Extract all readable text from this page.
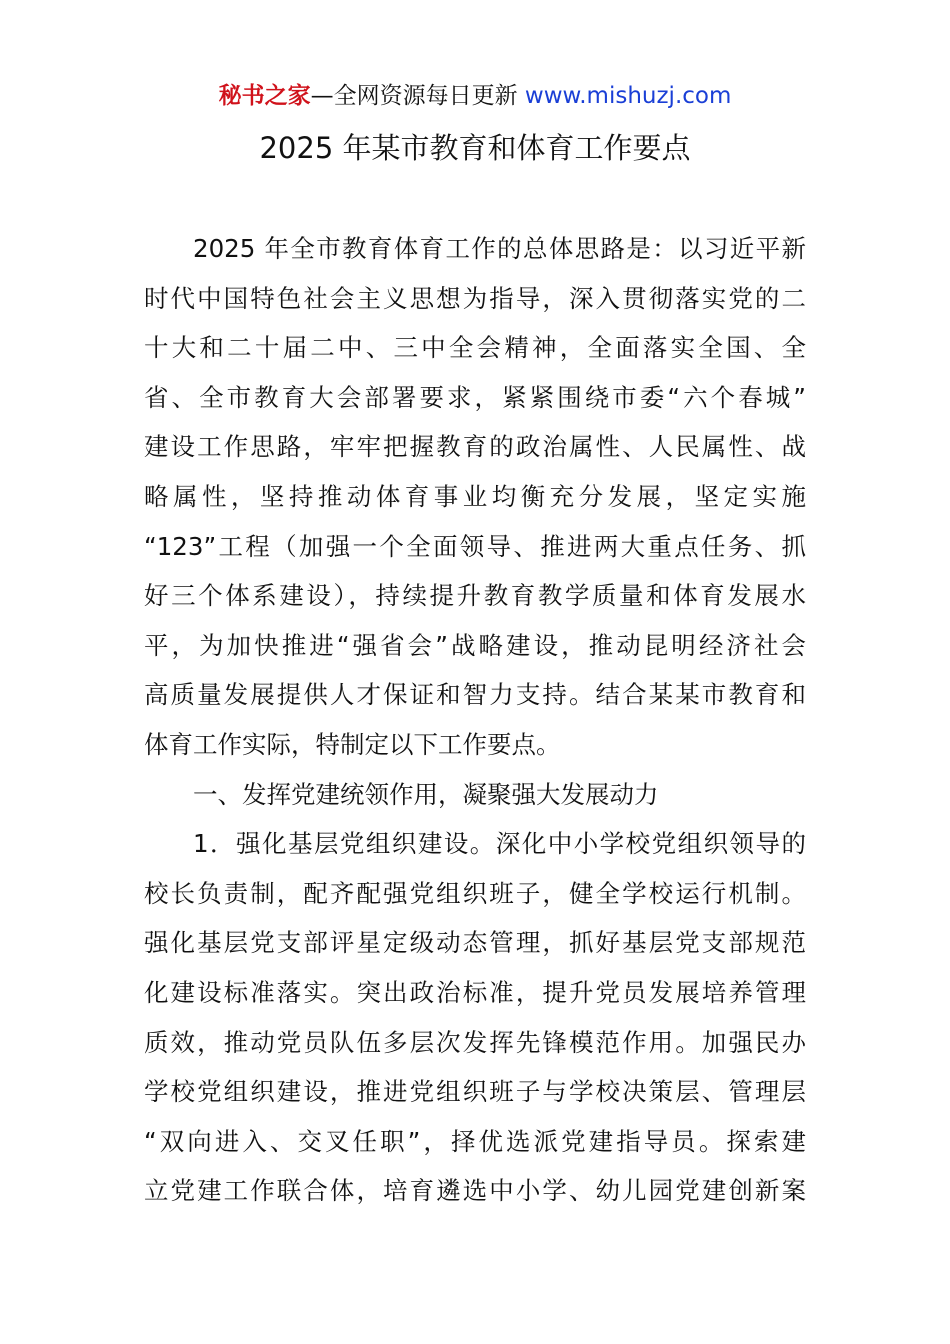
秘书之家—全网资源每日更新 www.mishuzj.com
2025 年某市教育和体育工作要点
2025 年全市教育体育工作的总体思路是：以习近平新
时代中国特色社会主义思想为指导，深入贯彻落实党的二
十大和二十届二中、三中全会精神，全面落实全国、全
省、全市教育大会部署要求，紧紧围绕市委“六个春城”
建设工作思路，牢牢把握教育的政治属性、人民属性、战
略属性，坚持推动体育事业均衡充分发展，坚定实施
“123”工程（加强一个全面领导、推进两大重点任务、抓
好三个体系建设），持续提升教育教学质量和体育发展水
平，为加快推进“强省会”战略建设，推动昆明经济社会
高质量发展提供人才保证和智力支持。结合某某市教育和
体育工作实际，特制定以下工作要点。
一、发挥党建统领作用，凝聚强大发展动力
1．强化基层党组织建设。深化中小学校党组织领导的
校长负责制，配齐配强党组织班子，健全学校运行机制。
强化基层党支部评星定级动态管理，抓好基层党支部规范
化建设标准落实。突出政治标准，提升党员发展培养管理
质效，推动党员队伍多层次发挥先锋模范作用。加强民办
学校党组织建设，推进党组织班子与学校决策层、管理层
“双向进入、交叉任职”，择优选派党建指导员。探索建
立党建工作联合体，培育遴选中小学、幼儿园党建创新案
